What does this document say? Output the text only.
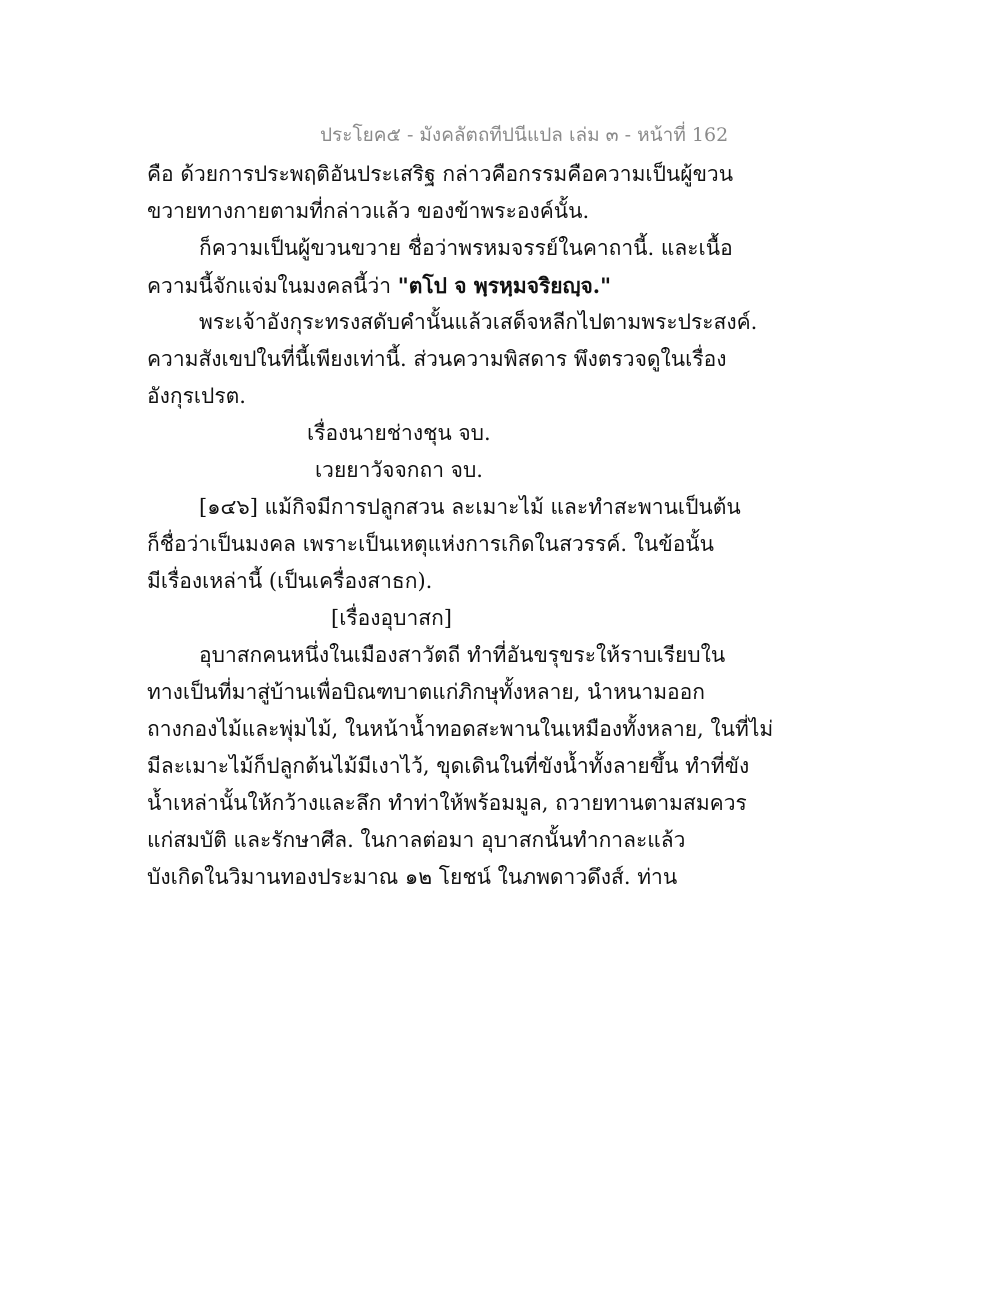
ประโยค๕ - มังคลัตถทีปนีแปล เล่ม ๓ - หน้าที่ 162
คือ ด้วยการประพฤติอันประเสริฐ กล่าวคือกรรมคือความเป็นผู้ขวน
ขวายทางกายตามที่กล่าวแล้ว ของข้าพระองค์นั้น.
ก็ความเป็นผู้ขวนขวาย ชื่อว่าพรหมจรรย์ในคาถานี้. และเนื้อ
ความนี้จักแจ่มในมงคลนี้ว่า "ตโป จ พฺรหฺมจริยญฺจ."
พระเจ้าอังกุระทรงสดับคำนั้นแล้วเสด็จหลีกไปตามพระประสงค์.
ความสังเขปในที่นี้เพียงเท่านี้. ส่วนความพิสดาร พึงตรวจดูในเรื่อง
อังกุรเปรต.
เรื่องนายช่างชุน จบ.
เวยยาวัจจกถา จบ.
[๑๔๖] แม้กิจมีการปลูกสวน ละเมาะไม้ และทำสะพานเป็นต้น
ก็ชื่อว่าเป็นมงคล เพราะเป็นเหตุแห่งการเกิดในสวรรค์. ในข้อนั้น
มีเรื่องเหล่านี้ (เป็นเครื่องสาธก).
[เรื่องอุบาสก]
อุบาสกคนหนึ่งในเมืองสาวัตถี ทำที่อันขรุขระให้ราบเรียบใน
ทางเป็นที่มาสู่บ้านเพื่อบิณฑบาตแก่ภิกษุทั้งหลาย, นำหนามออก
ถางกองไม้และพุ่มไม้, ในหน้าน้ำทอดสะพานในเหมืองทั้งหลาย, ในที่ไม่
มีละเมาะไม้ก็ปลูกต้นไม้มีเงาไว้, ขุดเดินในที่ขังน้ำทั้งลายขึ้น ทำที่ขัง
น้ำเหล่านั้นให้กว้างและลึก ทำท่าให้พร้อมมูล, ถวายทานตามสมควร
แก่สมบัติ และรักษาศีล. ในกาลต่อมา อุบาสกนั้นทำกาละแล้ว
บังเกิดในวิมานทองประมาณ ๑๒ โยชน์ ในภพดาวดึงส์. ท่าน
